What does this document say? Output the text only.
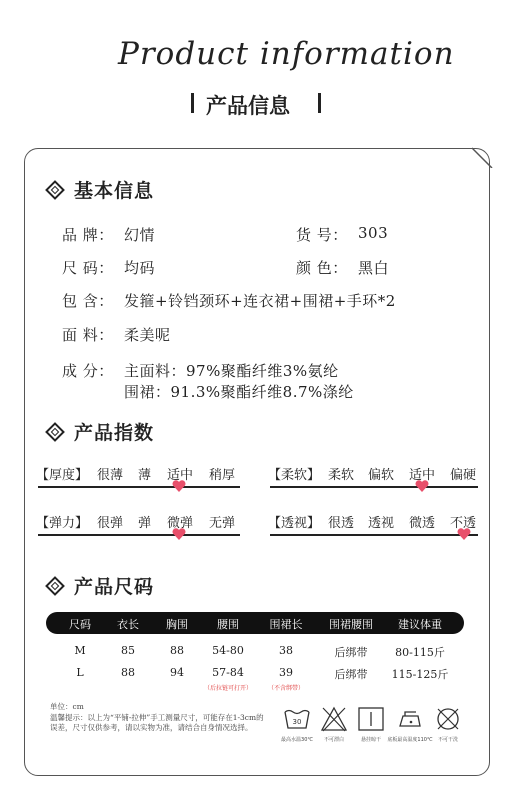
Product information
产品信息
基本信息
品 牌： 幻情	货 号： 303
尺 码： 均码	颜 色： 黑白
包 含： 发箍+铃铛颈环+连衣裙+围裙+手环*2
面 料： 柔美呢
成 分： 主面料：97%聚酯纤维3%氨纶
围裙：91.3%聚酯纤维8.7%涤纶
产品指数
【厚度】 很薄 薄 适中 稍厚	【柔软】 柔软 偏软 适中 偏硬
【弹力】 很弹 弹 微弹 无弹	【透视】 很透 透视 微透 不透
产品尺码
尺码 衣长 胸围	腰围	围裙长 围裙腰围 建议体重
M	85	88	54-80	38	后绑带	80-115斤
L	88	94	57-84	39	后绑带 115-125斤
（后拉链可打开）	（不含绑带）
单位：cm
温馨提示：以上为“平铺-拉伸”手工测量尺寸，可能存在1-3cm的误差，尺寸仅供参考，请以实物为准，请结合自身情况选择。
30
最高水温30℃ 不可漂白	悬挂晾干 底板最高温度110℃ 不可干洗
